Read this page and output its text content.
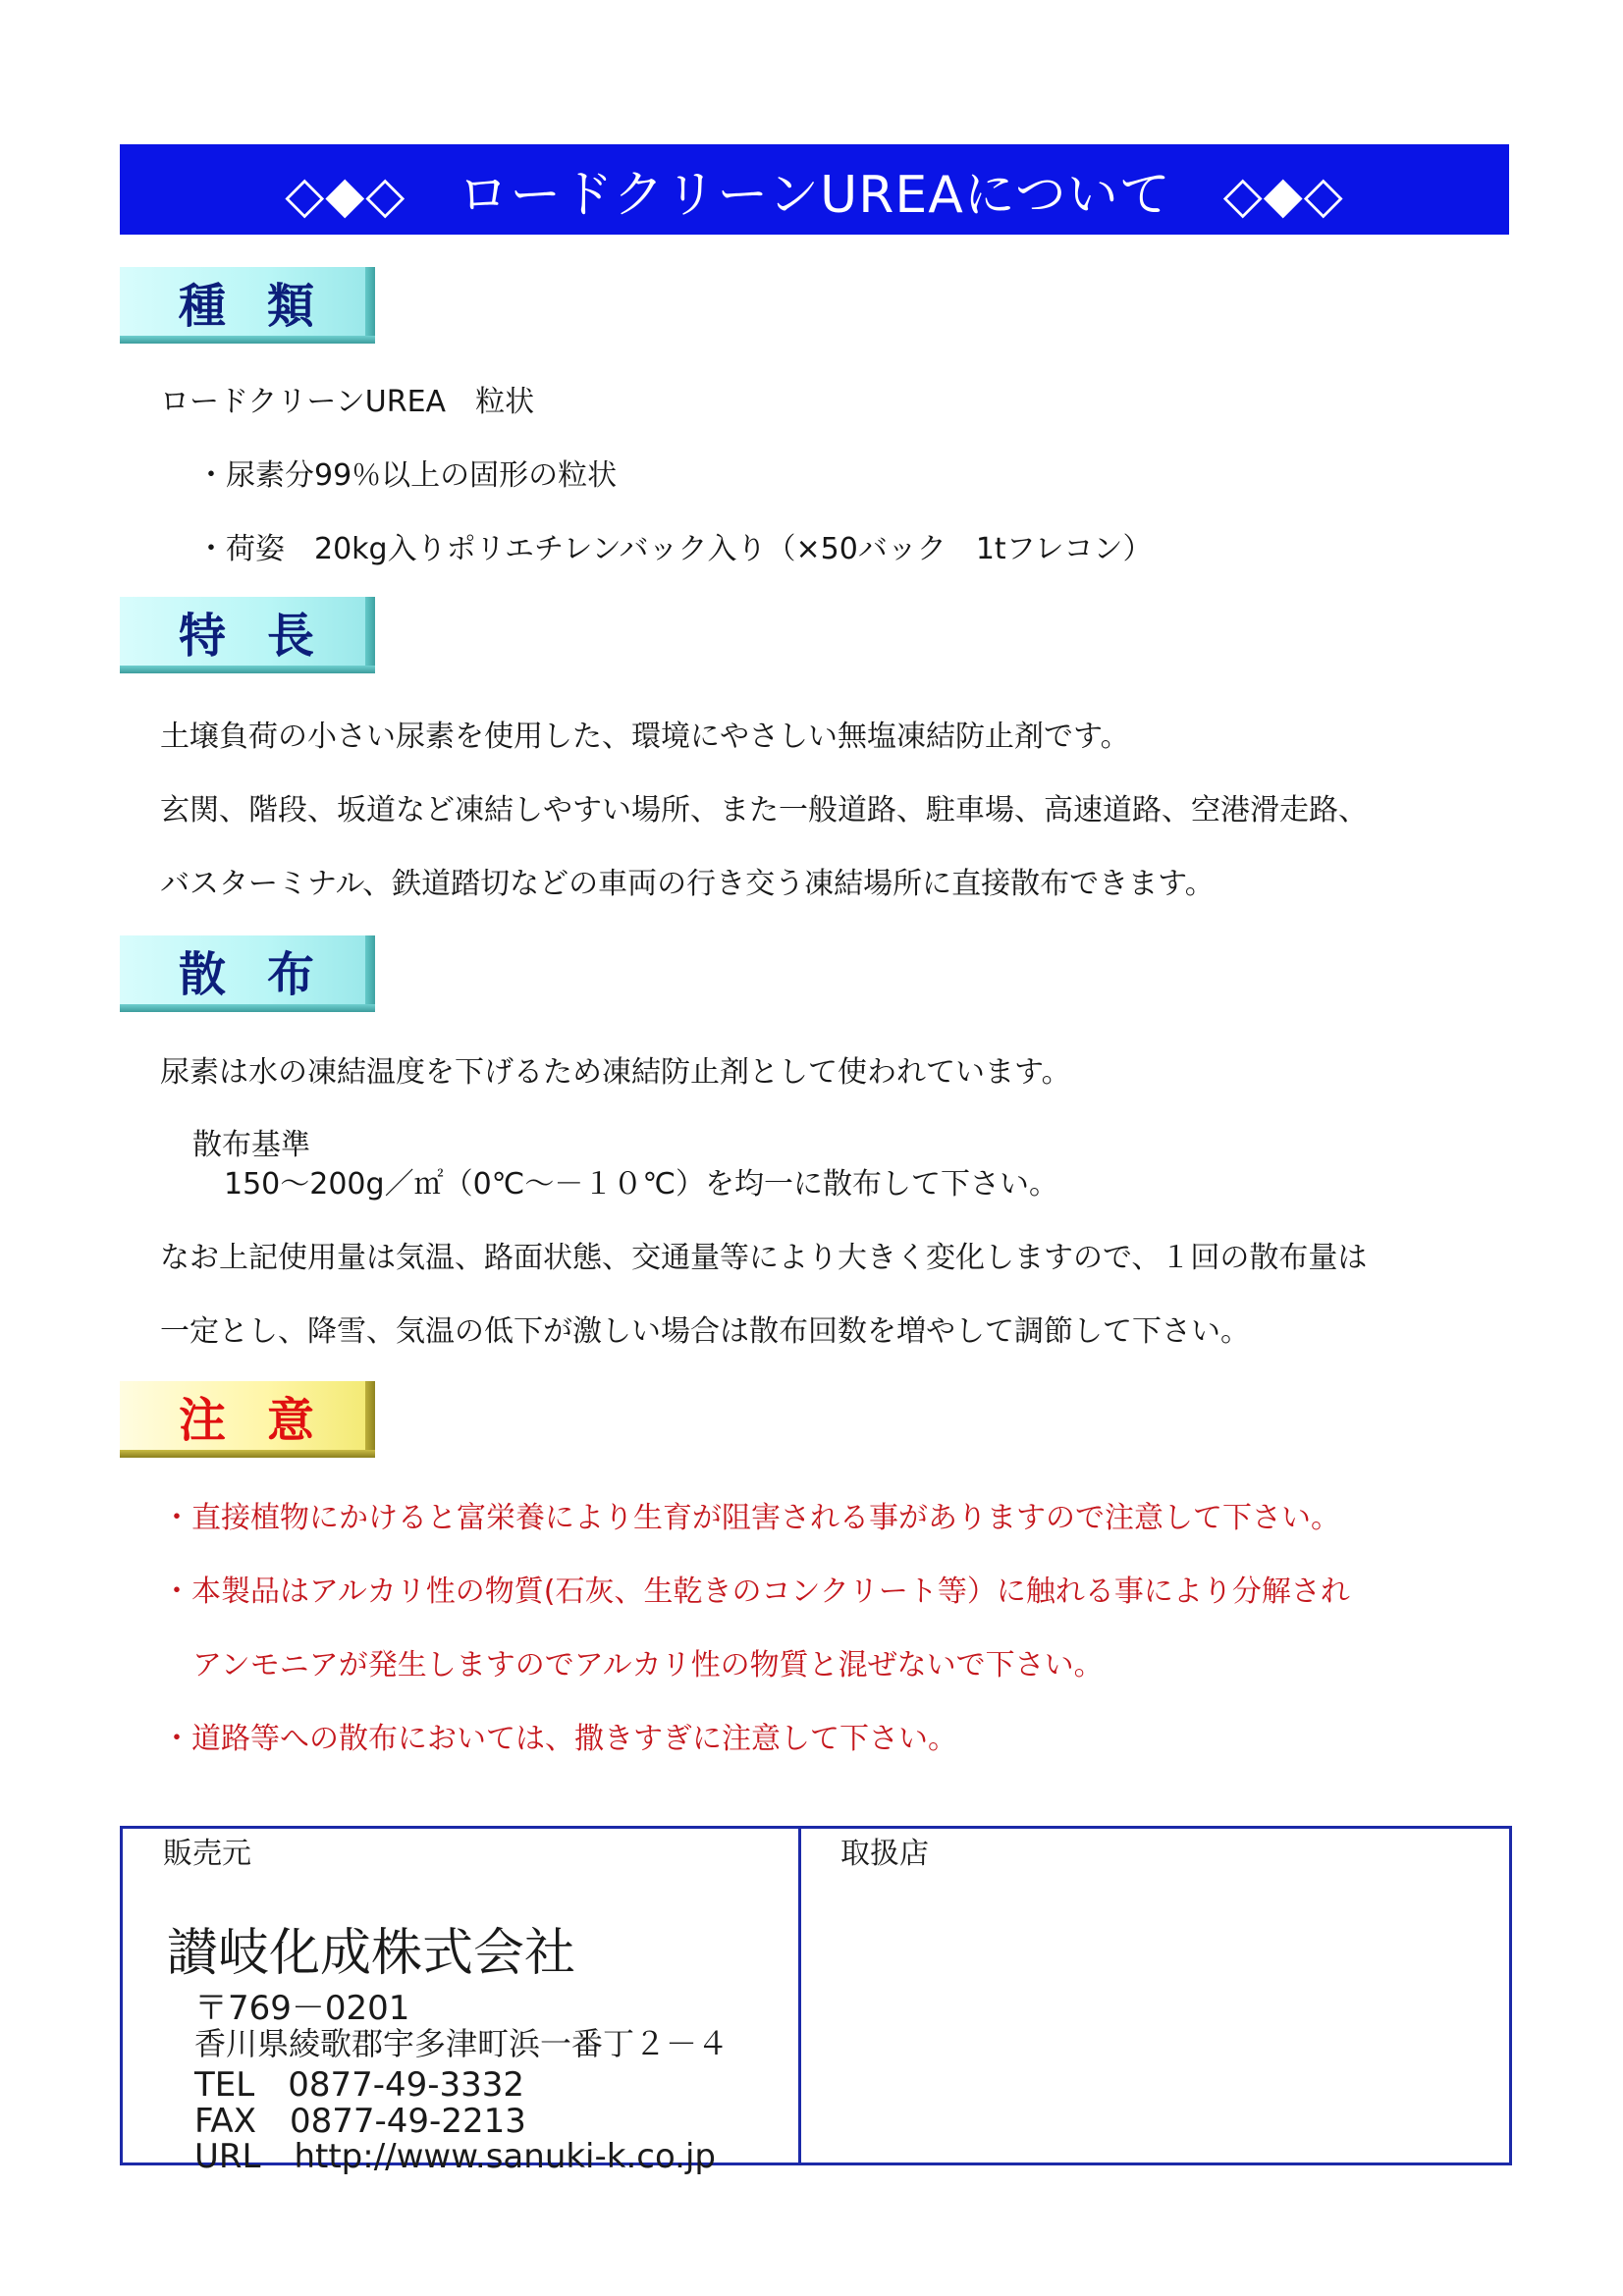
◇◆◇　ロードクリーンUREAについて　◇◆◇
種類
ロードクリーンUREA　粒状
・尿素分99％以上の固形の粒状
・荷姿　20kg入りポリエチレンバック入り（×50バック　1tフレコン）
特長
土壌負荷の小さい尿素を使用した、環境にやさしい無塩凍結防止剤です。
玄関、階段、坂道など凍結しやすい場所、また一般道路、駐車場、高速道路、空港滑走路、
バスターミナル、鉄道踏切などの車両の行き交う凍結場所に直接散布できます。
散布
尿素は水の凍結温度を下げるため凍結防止剤として使われています。
散布基準
150～200g／㎡（0℃～－１０℃）を均一に散布して下さい。
なお上記使用量は気温、路面状態、交通量等により大きく変化しますので、１回の散布量は
一定とし、降雪、気温の低下が激しい場合は散布回数を増やして調節して下さい。
注意
・直接植物にかけると富栄養により生育が阻害される事がありますので注意して下さい。
・本製品はアルカリ性の物質(石灰、生乾きのコンクリート等）に触れる事により分解され
アンモニアが発生しますのでアルカリ性の物質と混ぜないで下さい。
・道路等への散布においては、撒きすぎに注意して下さい。
販売元	取扱店
讃岐化成株式会社
〒769－0201
香川県綾歌郡宇多津町浜一番丁２－４
TEL　0877-49-3332
FAX　0877-49-2213
URL　http://www.sanuki-k.co.jp
